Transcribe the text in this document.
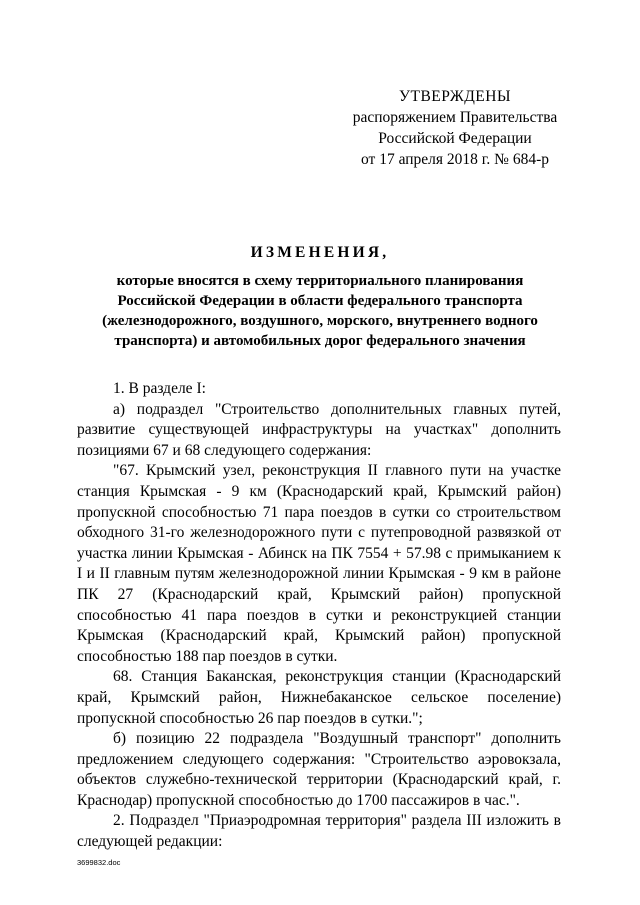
УТВЕРЖДЕНЫ
распоряжением Правительства
Российской Федерации
от 17 апреля 2018 г. № 684-р
ИЗМЕНЕНИЯ,
которые вносятся в схему территориального планирования Российской Федерации в области федерального транспорта (железнодорожного, воздушного, морского, внутреннего водного транспорта) и автомобильных дорог федерального значения

1. В разделе I:

а) подраздел "Строительство дополнительных главных путей, развитие существующей инфраструктуры на участках" дополнить позициями 67 и 68 следующего содержания:

"67. Крымский узел, реконструкция II главного пути на участке станция Крымская - 9 км (Краснодарский край, Крымский район) пропускной способностью 71 пара поездов в сутки со строительством обходного 31-го железнодорожного пути с путепроводной развязкой от участка линии Крымская - Абинск на ПК 7554 + 57.98 с примыканием к I и II главным путям железнодорожной линии Крымская - 9 км в районе ПК 27 (Краснодарский край, Крымский район) пропускной способностью 41 пара поездов в сутки и реконструкцией станции Крымская (Краснодарский край, Крымский район) пропускной способностью 188 пар поездов в сутки.

68. Станция Баканская, реконструкция станции (Краснодарский край, Крымский район, Нижнебаканское сельское поселение) пропускной способностью 26 пар поездов в сутки.";

б) позицию 22 подраздела "Воздушный транспорт" дополнить предложением следующего содержания: "Строительство аэровокзала, объектов служебно-технической территории (Краснодарский край, г. Краснодар) пропускной способностью до 1700 пассажиров в час.".

2. Подраздел "Приаэродромная территория" раздела III изложить в следующей редакции:

3699832.doc
